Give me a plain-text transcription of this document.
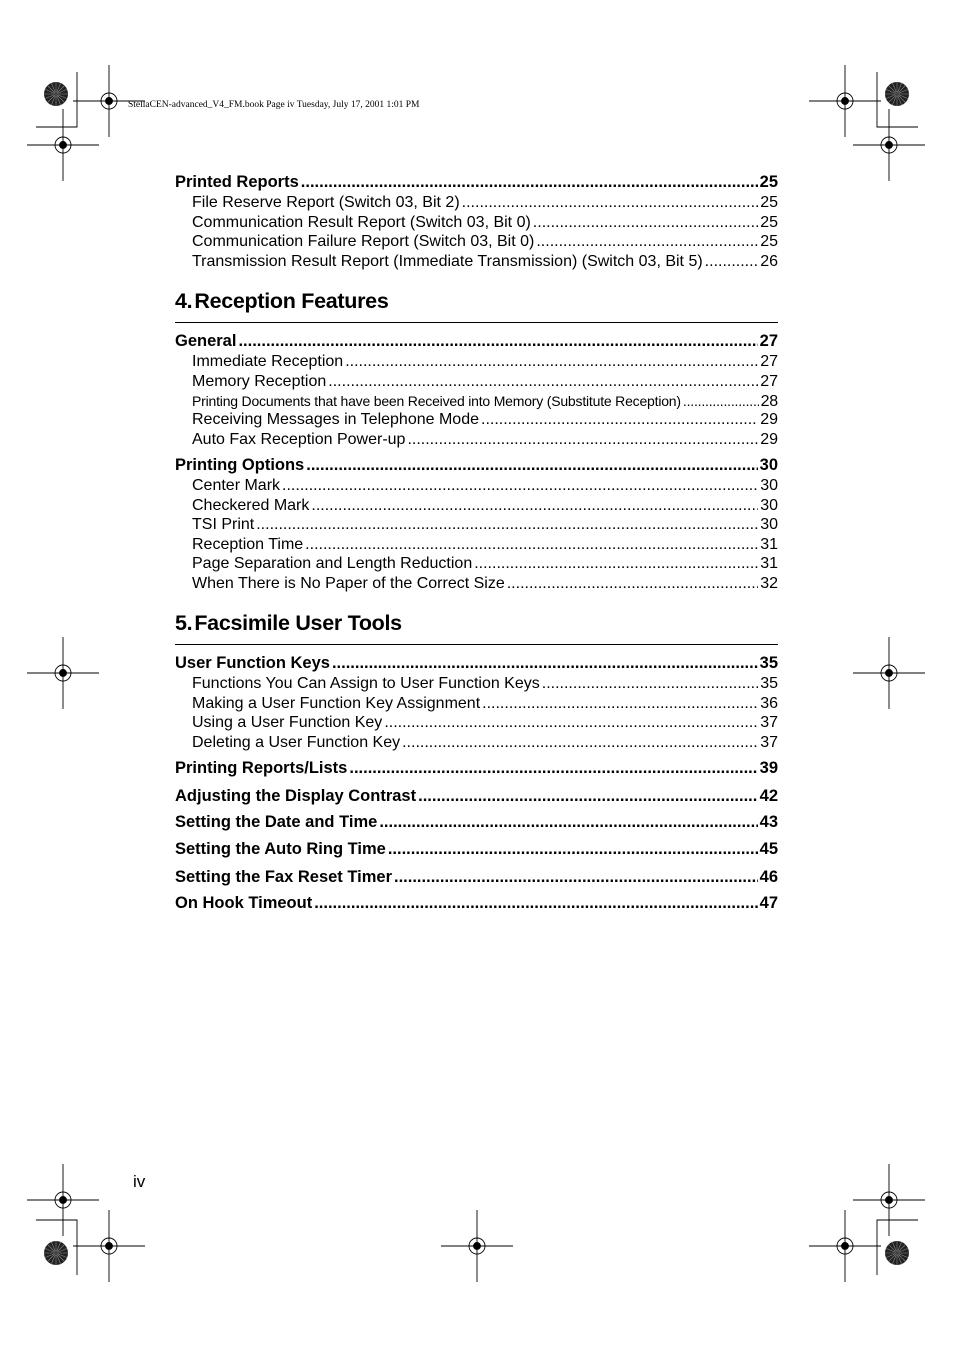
StellaCEN-advanced_V4_FM.book Page iv Tuesday, July 17, 2001 1:01 PM
Printed Reports .....	25
File Reserve Report (Switch 03, Bit 2) .....	25
Communication Result Report (Switch 03, Bit 0) .....	25
Communication Failure Report (Switch 03, Bit 0) .....	25
Transmission Result Report (Immediate Transmission) (Switch 03, Bit 5) .....	26
4.Reception Features
General .....	27
Immediate Reception .....	27
Memory Reception .....	27
Printing Documents that have been Received into Memory (Substitute Reception) .....	28
Receiving Messages in Telephone Mode .....	29
Auto Fax Reception Power-up .....	29
Printing Options .....	30
Center Mark .....	30
Checkered Mark .....	30
TSI Print .....	30
Reception Time .....	31
Page Separation and Length Reduction .....	31
When There is No Paper of the Correct Size .....	32
5.Facsimile User Tools
User Function Keys .....	35
Functions You Can Assign to User Function Keys .....	35
Making a User Function Key Assignment .....	36
Using a User Function Key .....	37
Deleting a User Function Key .....	37
Printing Reports/Lists .....	39
Adjusting the Display Contrast .....	42
Setting the Date and Time .....	43
Setting the Auto Ring Time .....	45
Setting the Fax Reset Timer .....	46
On Hook Timeout .....	47
iv
